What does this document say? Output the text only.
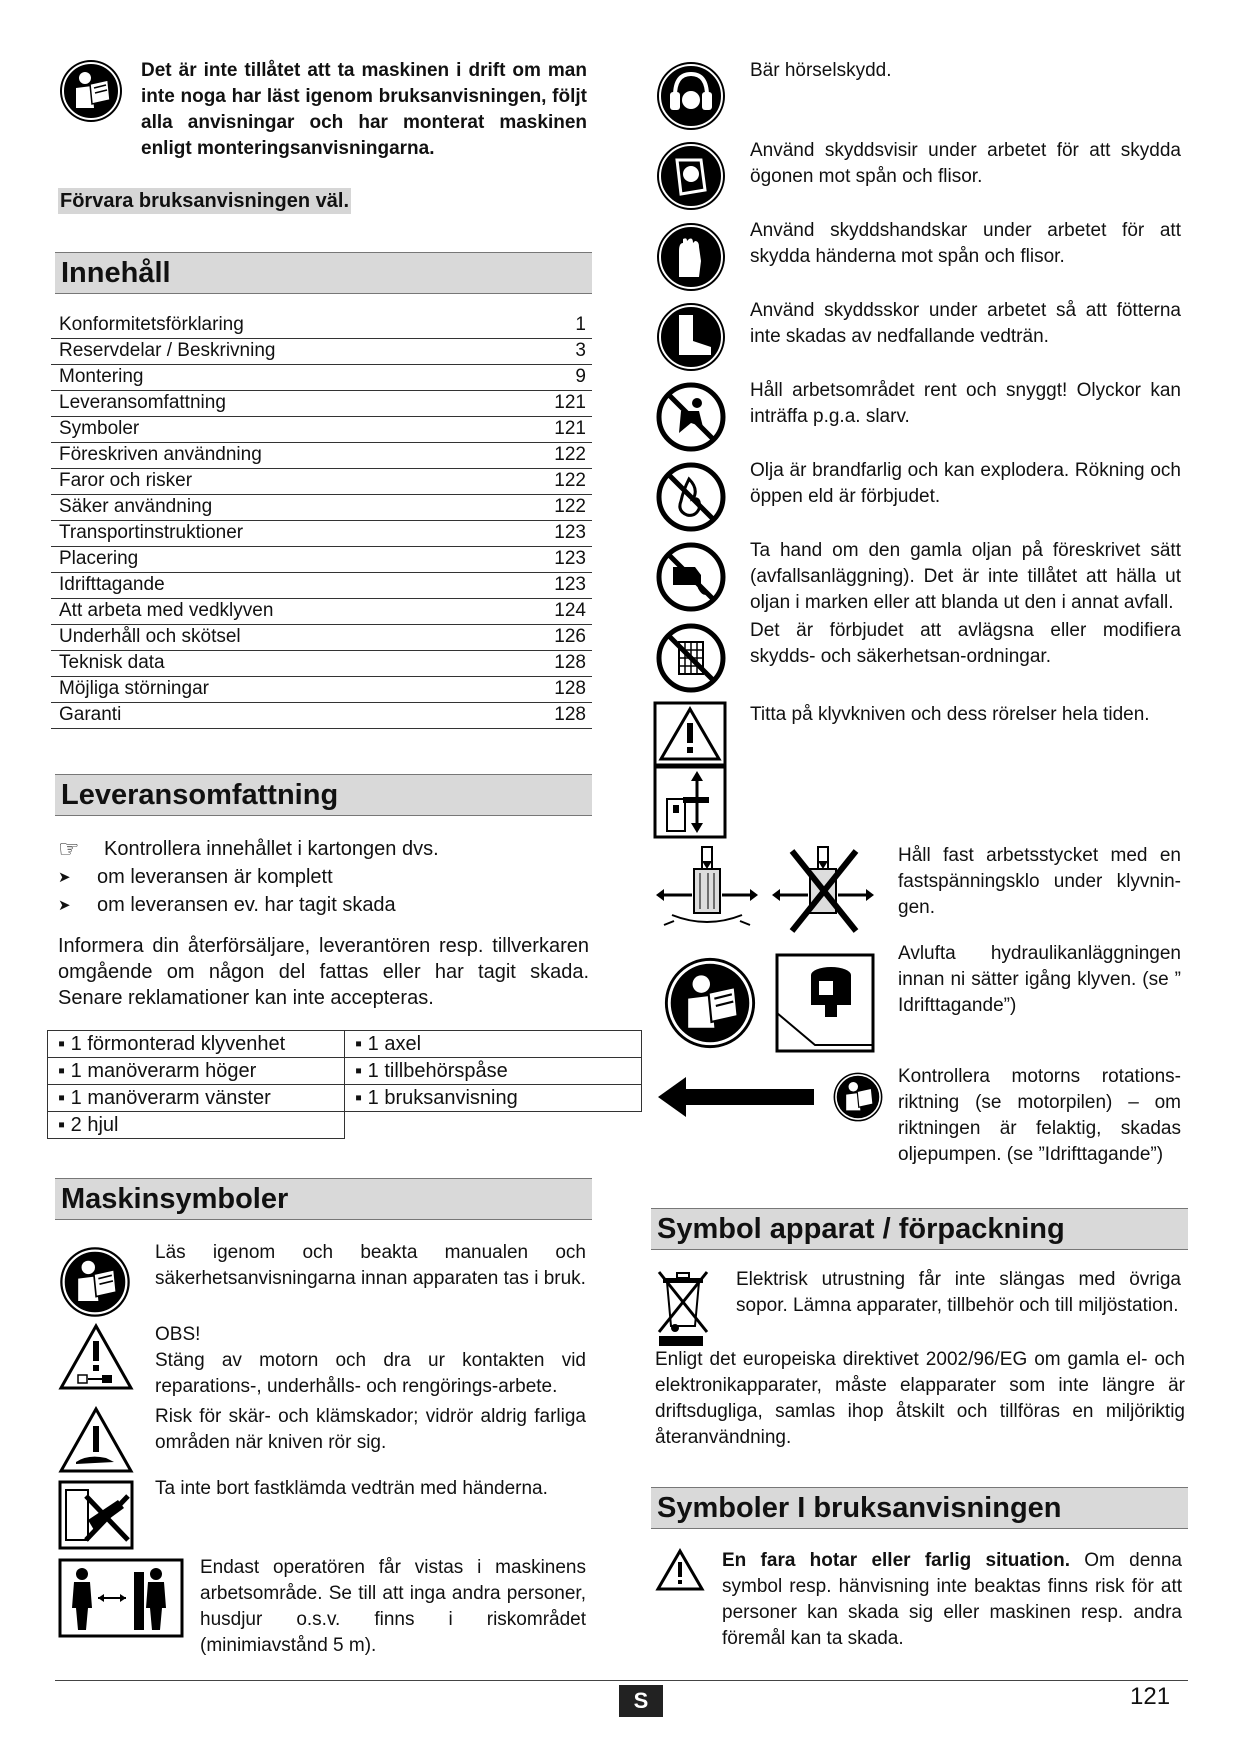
Det är inte tillåtet att ta maskinen i drift om man inte noga har läst igenom bruksanvisningen, följt alla anvisningar och har monterat maskinen enligt monteringsanvisningarna.
Förvara bruksanvisningen väl.
Innehåll
Konformitetsförklaring	1
Reservdelar / Beskrivning	3
Montering	9
Leveransomfattning	121
Symboler	121
Föreskriven användning	122
Faror och risker	122
Säker användning	122
Transportinstruktioner	123
Placering	123
Idrifttagande	123
Att arbeta med vedklyven	124
Underhåll och skötsel	126
Teknisk data	128
Möjliga störningar	128
Garanti	128
Leveransomfattning
☞ Kontrollera innehållet i kartongen dvs.
➤ om leveransen är komplett
➤ om leveransen ev. har tagit skada
Informera din återförsäljare, leverantören resp. tillverkaren omgående om någon del fattas eller har tagit skada. Senare reklamationer kan inte accepteras.
▪ 1 förmonterad klyvenhet	▪ 1 axel
▪ 1 manöverarm höger	▪ 1 tillbehörspåse
▪ 1 manöverarm vänster	▪ 1 bruksanvisning
▪ 2 hjul	
Maskinsymboler
Läs igenom och beakta manualen och säkerhetsanvisningarna innan apparaten tas i bruk.
OBS!
Stäng av motorn och dra ur kontakten vid reparations-, underhålls- och rengörings-arbete.
Risk för skär- och klämskador; vidrör aldrig farliga områden när kniven rör sig.
Ta inte bort fastklämda vedträn med händerna.
Endast operatören får vistas i maskinens arbetsområde. Se till att inga andra personer, husdjur o.s.v. finns i riskområdet (minimiavstånd 5 m).
Bär hörselskydd.
Använd skyddsvisir under arbetet för att skydda ögonen mot spån och flisor.
Använd skyddshandskar under arbetet för att skydda händerna mot spån och flisor.
Använd skyddsskor under arbetet så att fötterna inte skadas av nedfallande vedträn.
Håll arbetsområdet rent och snyggt! Olyckor kan inträffa p.g.a. slarv.
Olja är brandfarlig och kan explodera. Rökning och öppen eld är förbjudet.
Ta hand om den gamla oljan på föreskrivet sätt (avfallsanläggning). Det är inte tillåtet att hälla ut oljan i marken eller att blanda ut den i annat avfall.
Det är förbjudet att avlägsna eller modifiera skydds- och säkerhetsan-ordningar.
Titta på klyvkniven och dess rörelser hela tiden.
Håll fast arbetsstycket med en fastspänningsklo under klyvnin-gen.
Avlufta hydraulikanläggningen innan ni sätter igång klyven. (se ” Idrifttagande”)
Kontrollera motorns rotations-riktning (se motorpilen) – om riktningen är felaktig, skadas oljepumpen. (se ”Idrifttagande”)
Symbol apparat / förpackning
Elektrisk utrustning får inte slängas med övriga sopor. Lämna apparater, tillbehör och till miljöstation.
Enligt det europeiska direktivet 2002/96/EG om gamla el- och elektronikapparater, måste elapparater som inte längre är driftsdugliga, samlas ihop åtskilt och tillföras en miljöriktig återanvändning.
Symboler I bruksanvisningen
En fara hotar eller farlig situation. Om denna symbol resp. hänvisning inte beaktas finns risk för att personer kan skada sig eller maskinen resp. andra föremål kan ta skada.
S	121
